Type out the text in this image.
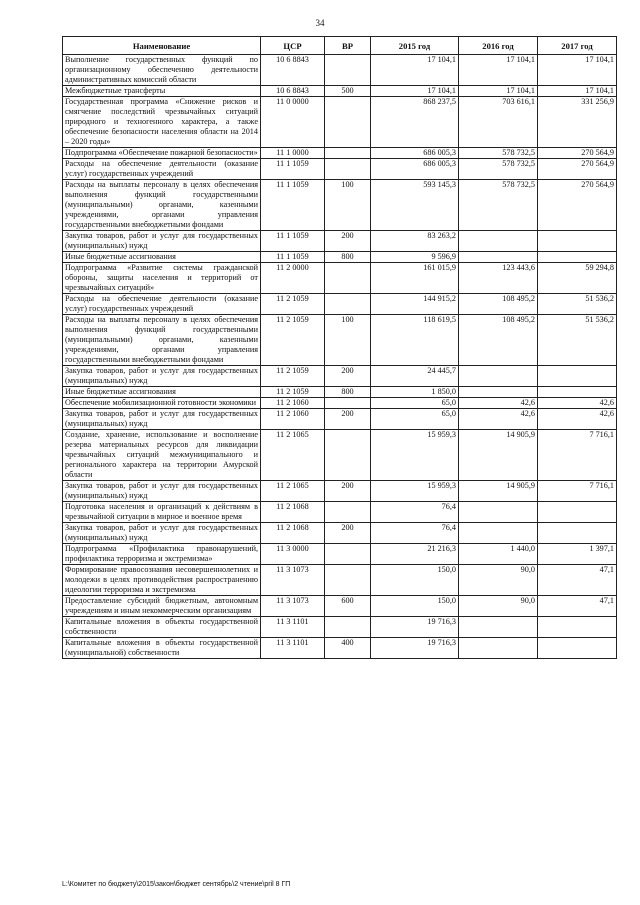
34
Наименование	ЦСР	ВР	2015 год	2016 год	2017 год
Выполнение государственных функций по организационному обеспечению деятельности административных комиссий области	10 6 8843		17 104,1	17 104,1	17 104,1
Межбюджетные трансферты	10 6 8843	500	17 104,1	17 104,1	17 104,1
Государственная программа «Снижение рисков и смягчение последствий чрезвычайных ситуаций природного и техногенного характера, а также обеспечение безопасности населения области на 2014 – 2020 годы»	11 0 0000		868 237,5	703 616,1	331 256,9
Подпрограмма «Обеспечение пожарной безопасности»	11 1 0000		686 005,3	578 732,5	270 564,9
Расходы на обеспечение деятельности (оказание услуг) государственных учреждений	11 1 1059		686 005,3	578 732,5	270 564,9
Расходы на выплаты персоналу в целях обеспечения выполнения функций государственными (муниципальными) органами, казенными учреждениями, органами управления государственными внебюджетными фондами	11 1 1059	100	593 145,3	578 732,5	270 564,9
Закупка товаров, работ и услуг для государственных (муниципальных) нужд	11 1 1059	200	83 263,2		
Иные бюджетные ассигнования	11 1 1059	800	9 596,9		
Подпрограмма «Развитие системы гражданской обороны, защиты населения и территорий от чрезвычайных ситуаций»	11 2 0000		161 015,9	123 443,6	59 294,8
Расходы на обеспечение деятельности (оказание услуг) государственных учреждений	11 2 1059		144 915,2	108 495,2	51 536,2
Расходы на выплаты персоналу в целях обеспечения выполнения функций государственными (муниципальными) органами, казенными учреждениями, органами управления государственными внебюджетными фондами	11 2 1059	100	118 619,5	108 495,2	51 536,2
Закупка товаров, работ и услуг для государственных (муниципальных) нужд	11 2 1059	200	24 445,7		
Иные бюджетные ассигнования	11 2 1059	800	1 850,0		
Обеспечение мобилизационной готовности экономики	11 2 1060		65,0	42,6	42,6
Закупка товаров, работ и услуг для государственных (муниципальных) нужд	11 2 1060	200	65,0	42,6	42,6
Создание, хранение, использование и восполнение резерва материальных ресурсов для ликвидации чрезвычайных ситуаций межмуниципального и регионального характера на территории Амурской области	11 2 1065		15 959,3	14 905,9	7 716,1
Закупка товаров, работ и услуг для государственных (муниципальных) нужд	11 2 1065	200	15 959,3	14 905,9	7 716,1
Подготовка населения и организаций к действиям в чрезвычайной ситуации в мирное и военное время	11 2 1068		76,4		
Закупка товаров, работ и услуг для государственных (муниципальных) нужд	11 2 1068	200	76,4		
Подпрограмма «Профилактика правонарушений, профилактика терроризма и экстремизма»	11 3 0000		21 216,3	1 440,0	1 397,1
Формирование правосознания несовершеннолетних и молодежи в целях противодействия распространению идеологии терроризма и экстремизма	11 3 1073		150,0	90,0	47,1
Предоставление субсидий бюджетным, автономным учреждениям и иным некоммерческим организациям	11 3 1073	600	150,0	90,0	47,1
Капитальные вложения в объекты государственной собственности	11 3 1101		19 716,3		
Капитальные вложения в объекты государственной (муниципальной) собственности	11 3 1101	400	19 716,3		
L:\Комитет по бюджету\2015\закон\бюджет сентябрь\2 чтение\pril 8 ГП
